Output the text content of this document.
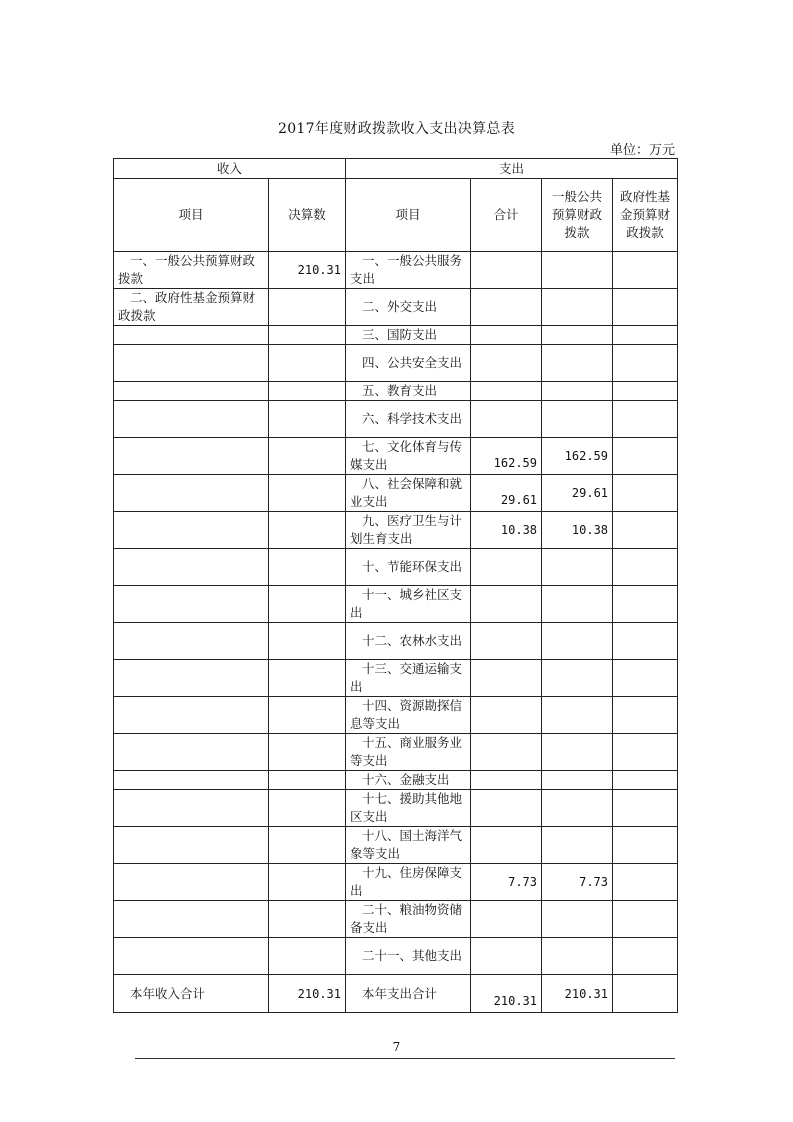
2017年度财政拨款收入支出决算总表
单位：万元
收入		支出			
项目	决算数	项目	合计	一般公共预算财政拨款	政府性基金预算财政拨款
一、一般公共预算财政拨款	210.31	一、一般公共服务支出			
二、政府性基金预算财政拨款		二、外交支出			
		三、国防支出			
		四、公共安全支出			
		五、教育支出			
		六、科学技术支出			
		七、文化体育与传媒支出	162.59	162.59	
		八、社会保障和就业支出	29.61	29.61	
		九、医疗卫生与计划生育支出	10.38	10.38	
		十、节能环保支出			
		十一、城乡社区支出			
		十二、农林水支出			
		十三、交通运输支出			
		十四、资源勘探信息等支出			
		十五、商业服务业等支出			
		十六、金融支出			
		十七、援助其他地区支出			
		十八、国土海洋气象等支出			
		十九、住房保障支出	7.73	7.73	
		二十、粮油物资储备支出			
		二十一、其他支出			
本年收入合计	210.31	本年支出合计	210.31	210.31	
7
